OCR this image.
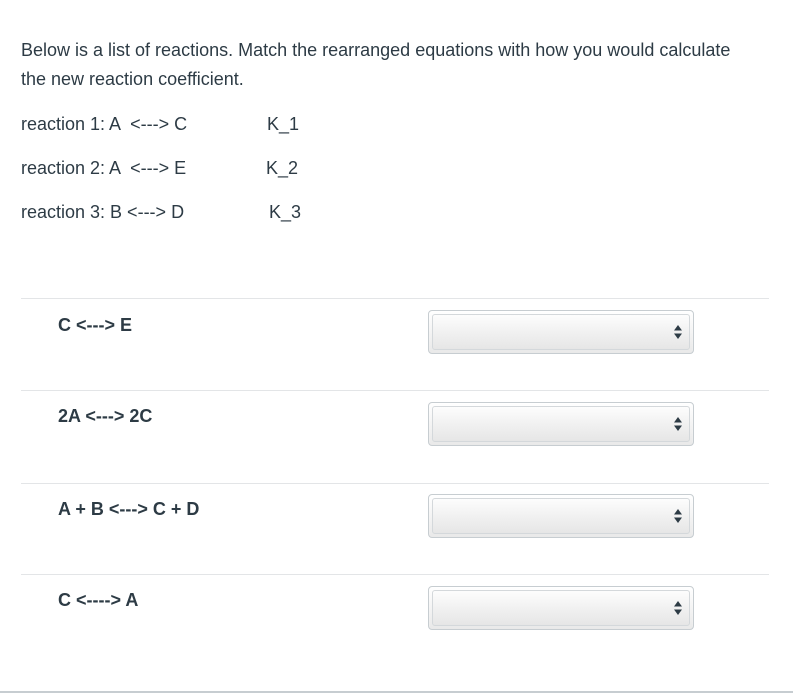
Below is a list of reactions. Match the rearranged equations with how you would calculate the new reaction coefficient.
reaction 1: A  <---> C	K_1
reaction 2: A  <---> E	K_2
reaction 3: B <---> D	K_3
C <---> E
2A <---> 2C
A + B <---> C + D
C <----> A
